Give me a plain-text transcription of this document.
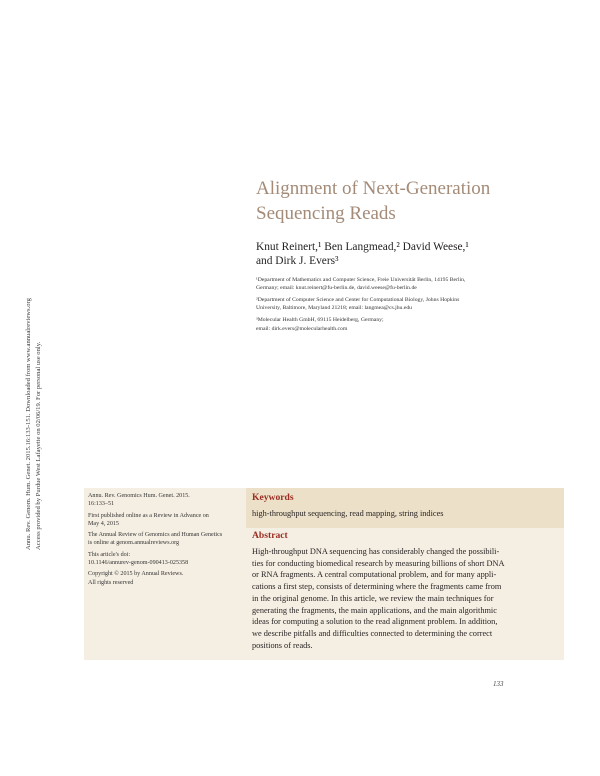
Annu. Rev. Genom. Hum. Genet. 2015.16:133-151. Downloaded from www.annualreviews.org Access provided by Purdue West Lafayette on 02/06/19. For personal use only.
Alignment of Next-Generation
Sequencing Reads

Knut Reinert,¹ Ben Langmead,² David Weese,¹
and Dirk J. Evers³

¹Department of Mathematics and Computer Science, Freie Universität Berlin, 14195 Berlin,
Germany; email: knut.reinert@fu-berlin.de, david.weese@fu-berlin.de

²Department of Computer Science and Center for Computational Biology, Johns Hopkins
University, Baltimore, Maryland 21218; email: langmea@cs.jhu.edu

³Molecular Health GmbH, 69115 Heidelberg, Germany;
email: dirk.evers@molecularhealth.com

Annu. Rev. Genomics Hum. Genet. 2015.
16:133–51

First published online as a Review in Advance on
May 4, 2015

The Annual Review of Genomics and Human Genetics
is online at genom.annualreviews.org

This article's doi:
10.1146/annurev-genom-090413-025358

Copyright © 2015 by Annual Reviews.
All rights reserved

Keywords

high-throughput sequencing, read mapping, string indices

Abstract

High-throughput DNA sequencing has considerably changed the possibili-
ties for conducting biomedical research by measuring billions of short DNA
or RNA fragments. A central computational problem, and for many appli-
cations a first step, consists of determining where the fragments came from
in the original genome. In this article, we review the main techniques for
generating the fragments, the main applications, and the main algorithmic
ideas for computing a solution to the read alignment problem. In addition,
we describe pitfalls and difficulties connected to determining the correct
positions of reads.

133
